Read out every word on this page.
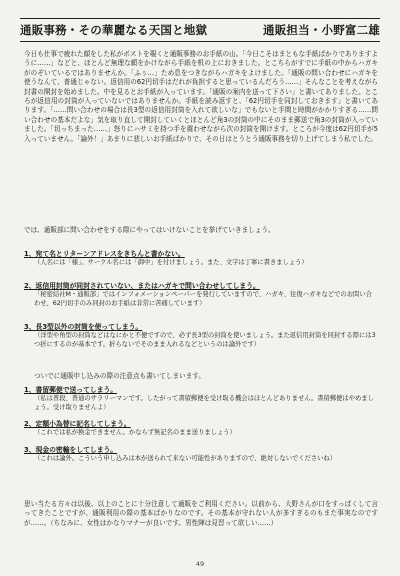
通販事務・その華麗なる天国と地獄	通販担当・小野富二雄

今日も仕事で疲れた顔をした私がポストを覗くと通販事務のお手紙の山。「今日こそはまともな手紙ばかりでありますように……」などと、ほとんど無理な願をかけながら手紙を机の上におきました。とこちらがすでに手紙の中からハガキがのぞいているではありませんか。「ふぅ…」ため息をつきながらハガキをよけました。「通販の問い合わせにハガキを使うなんて、普通じゃない。返信用の62円切手はだれが負担すると思っているんだろう……」そんなことを考えながら封書の開封を始めました。中を見るとお手紙が入っています。「通販の案内を送って下さい」と書いてありました。ところが返信用の封筒が入っていないではありませんか。手紙を読み返すと、「62円切手を同封しておきます」と書いてあります。「……問い合わせの場合は長3型の返信用封筒を入れて欲しいな」でもないと手間と時間がかかりすぎる……問い合わせの基本だよな」気を取り直して開封していくとほとんど角3の封筒の中にそのまま郵送で角3の封筒が入っていました。「切っちまった……」怒りにハサミを持つ手を震わせながら次の封筒を開けます。ところが今度は62円切手が5入っていません。「論外！」あまりに悲しいお手紙ばかりで、その日はとうとう通販事務を切り上げてしまう私でした。

では、通販部に問い合わせをする際にやってはいけないことを挙げていきましょう。

1、宛て名とリターンアドレスをきちんと書かない。

（人名には「様」。サークル名には「御中」を付けましょう。また、文字は丁寧に書きましょう）

2、返信用封筒が同封されていない、またはハガキで問い合わせしてしまう。

「秘密結社M・通販部」ではインフォメーションペーパーを発行していますので、ハガキ、往復ハガキなどでのお問い合わせ、62円切手のみ同封のお手紙は非常に苦痛しています）

3、長3型以外の封筒を使ってしまう。

（洋型や角型の封筒などはなにかと不便ですので、必ず長3型の封筒を使いましょう。また返信用封筒を同封する際には3つ折にするのが基本です。折らないでそのまま入れるなどというのは論外です）

ついでに通販申し込みの際の注意点も書いてしまいます。

1、書留郵便で送ってしまう。

（私は普段、普通のサラリーマンです。したがって書留郵便を受け取る機会はほとんどありません。書留郵便はやめましょう。受け取りませんよ）

2、定額小為替に記名してしまう。

（これでは私が換金できません。かならず無記名のまま送りましょう）

3、現金の密輸をしてしまう。

（これは論外。こういう申し込みは本が送られて来ない可能性がありますので、絶対しないでくださいね）

思い当たる方々は以後、以上のことに十分注意して通販をご利用ください。以前から、大野さんが口をすっぱくして言ってきたことですが、通販利用の際の基本ばかりなのです。その基本が守れない人が多すぎるのもまた事実なのですが……。（ちなみに、女性はかなりマナーが良いです。男性陣は見習って欲しい……）

49
